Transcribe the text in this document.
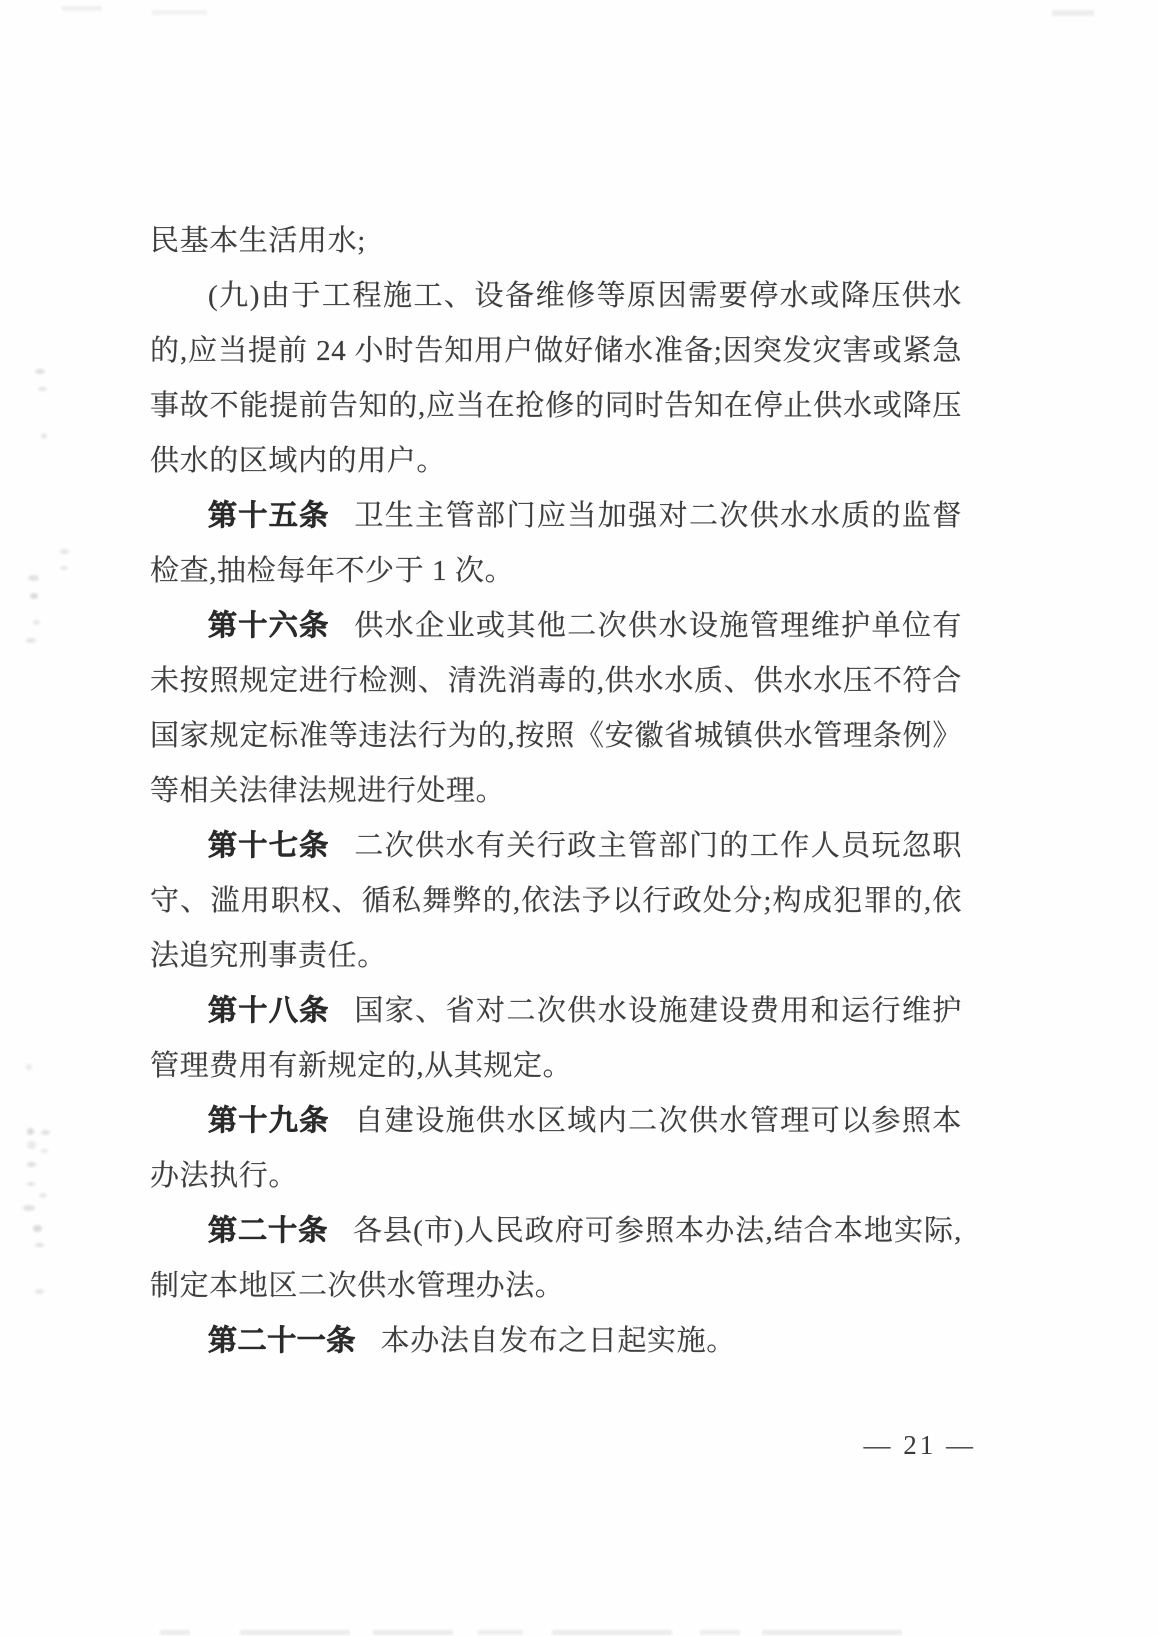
民基本生活用水;

(九)由于工程施工、设备维修等原因需要停水或降压供水的,应当提前 24 小时告知用户做好储水准备;因突发灾害或紧急事故不能提前告知的,应当在抢修的同时告知在停止供水或降压供水的区域内的用户。

第十五条 卫生主管部门应当加强对二次供水水质的监督检查,抽检每年不少于 1 次。

第十六条 供水企业或其他二次供水设施管理维护单位有未按照规定进行检测、清洗消毒的,供水水质、供水水压不符合国家规定标准等违法行为的,按照《安徽省城镇供水管理条例》等相关法律法规进行处理。

第十七条 二次供水有关行政主管部门的工作人员玩忽职守、滥用职权、循私舞弊的,依法予以行政处分;构成犯罪的,依法追究刑事责任。

第十八条 国家、省对二次供水设施建设费用和运行维护管理费用有新规定的,从其规定。

第十九条 自建设施供水区域内二次供水管理可以参照本办法执行。

第二十条 各县(市)人民政府可参照本办法,结合本地实际,制定本地区二次供水管理办法。

第二十一条 本办法自发布之日起实施。

— 21 —
